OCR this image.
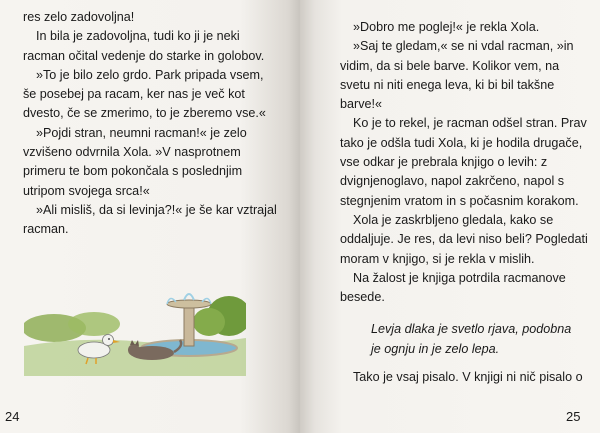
res zelo zadovoljna!

In bila je zadovoljna, tudi ko ji je neki

racman očital vedenje do starke in golobov.

»To je bilo zelo grdo. Park pripada vsem,

še posebej pa racam, ker nas je več kot

dvesto, če se zmerimo, to je zberemo vse.«

»Pojdi stran, neumni racman!« je zelo

vzvišeno odvrnila Xola. »V nasprotnem

primeru te bom pokončala s poslednjim

utripom svojega srca!«

»Ali misliš, da si levinja?!« je še kar vztrajal

racman.

24

»Dobro me poglej!« je rekla Xola.

»Saj te gledam,« se ni vdal racman, »in

vidim, da si bele barve. Kolikor vem, na

svetu ni niti enega leva, ki bi bil takšne

barve!«

Ko je to rekel, je racman odšel stran. Prav

tako je odšla tudi Xola, ki je hodila drugače,

vse odkar je prebrala knjigo o levih: z

dvignjenoglavo, napol zakrčeno, napol s

stegnjenim vratom in s počasnim korakom.

Xola je zaskrbljeno gledala, kako se

oddaljuje. Je res, da levi niso beli? Pogledati

moram v knjigo, si je rekla v mislih.

Na žalost je knjiga potrdila racmanove

besede.

Levja dlaka je svetlo rjava, podobna
je ognju in je zelo lepa.

Tako je vsaj pisalo. V knjigi ni nič pisalo o

25
